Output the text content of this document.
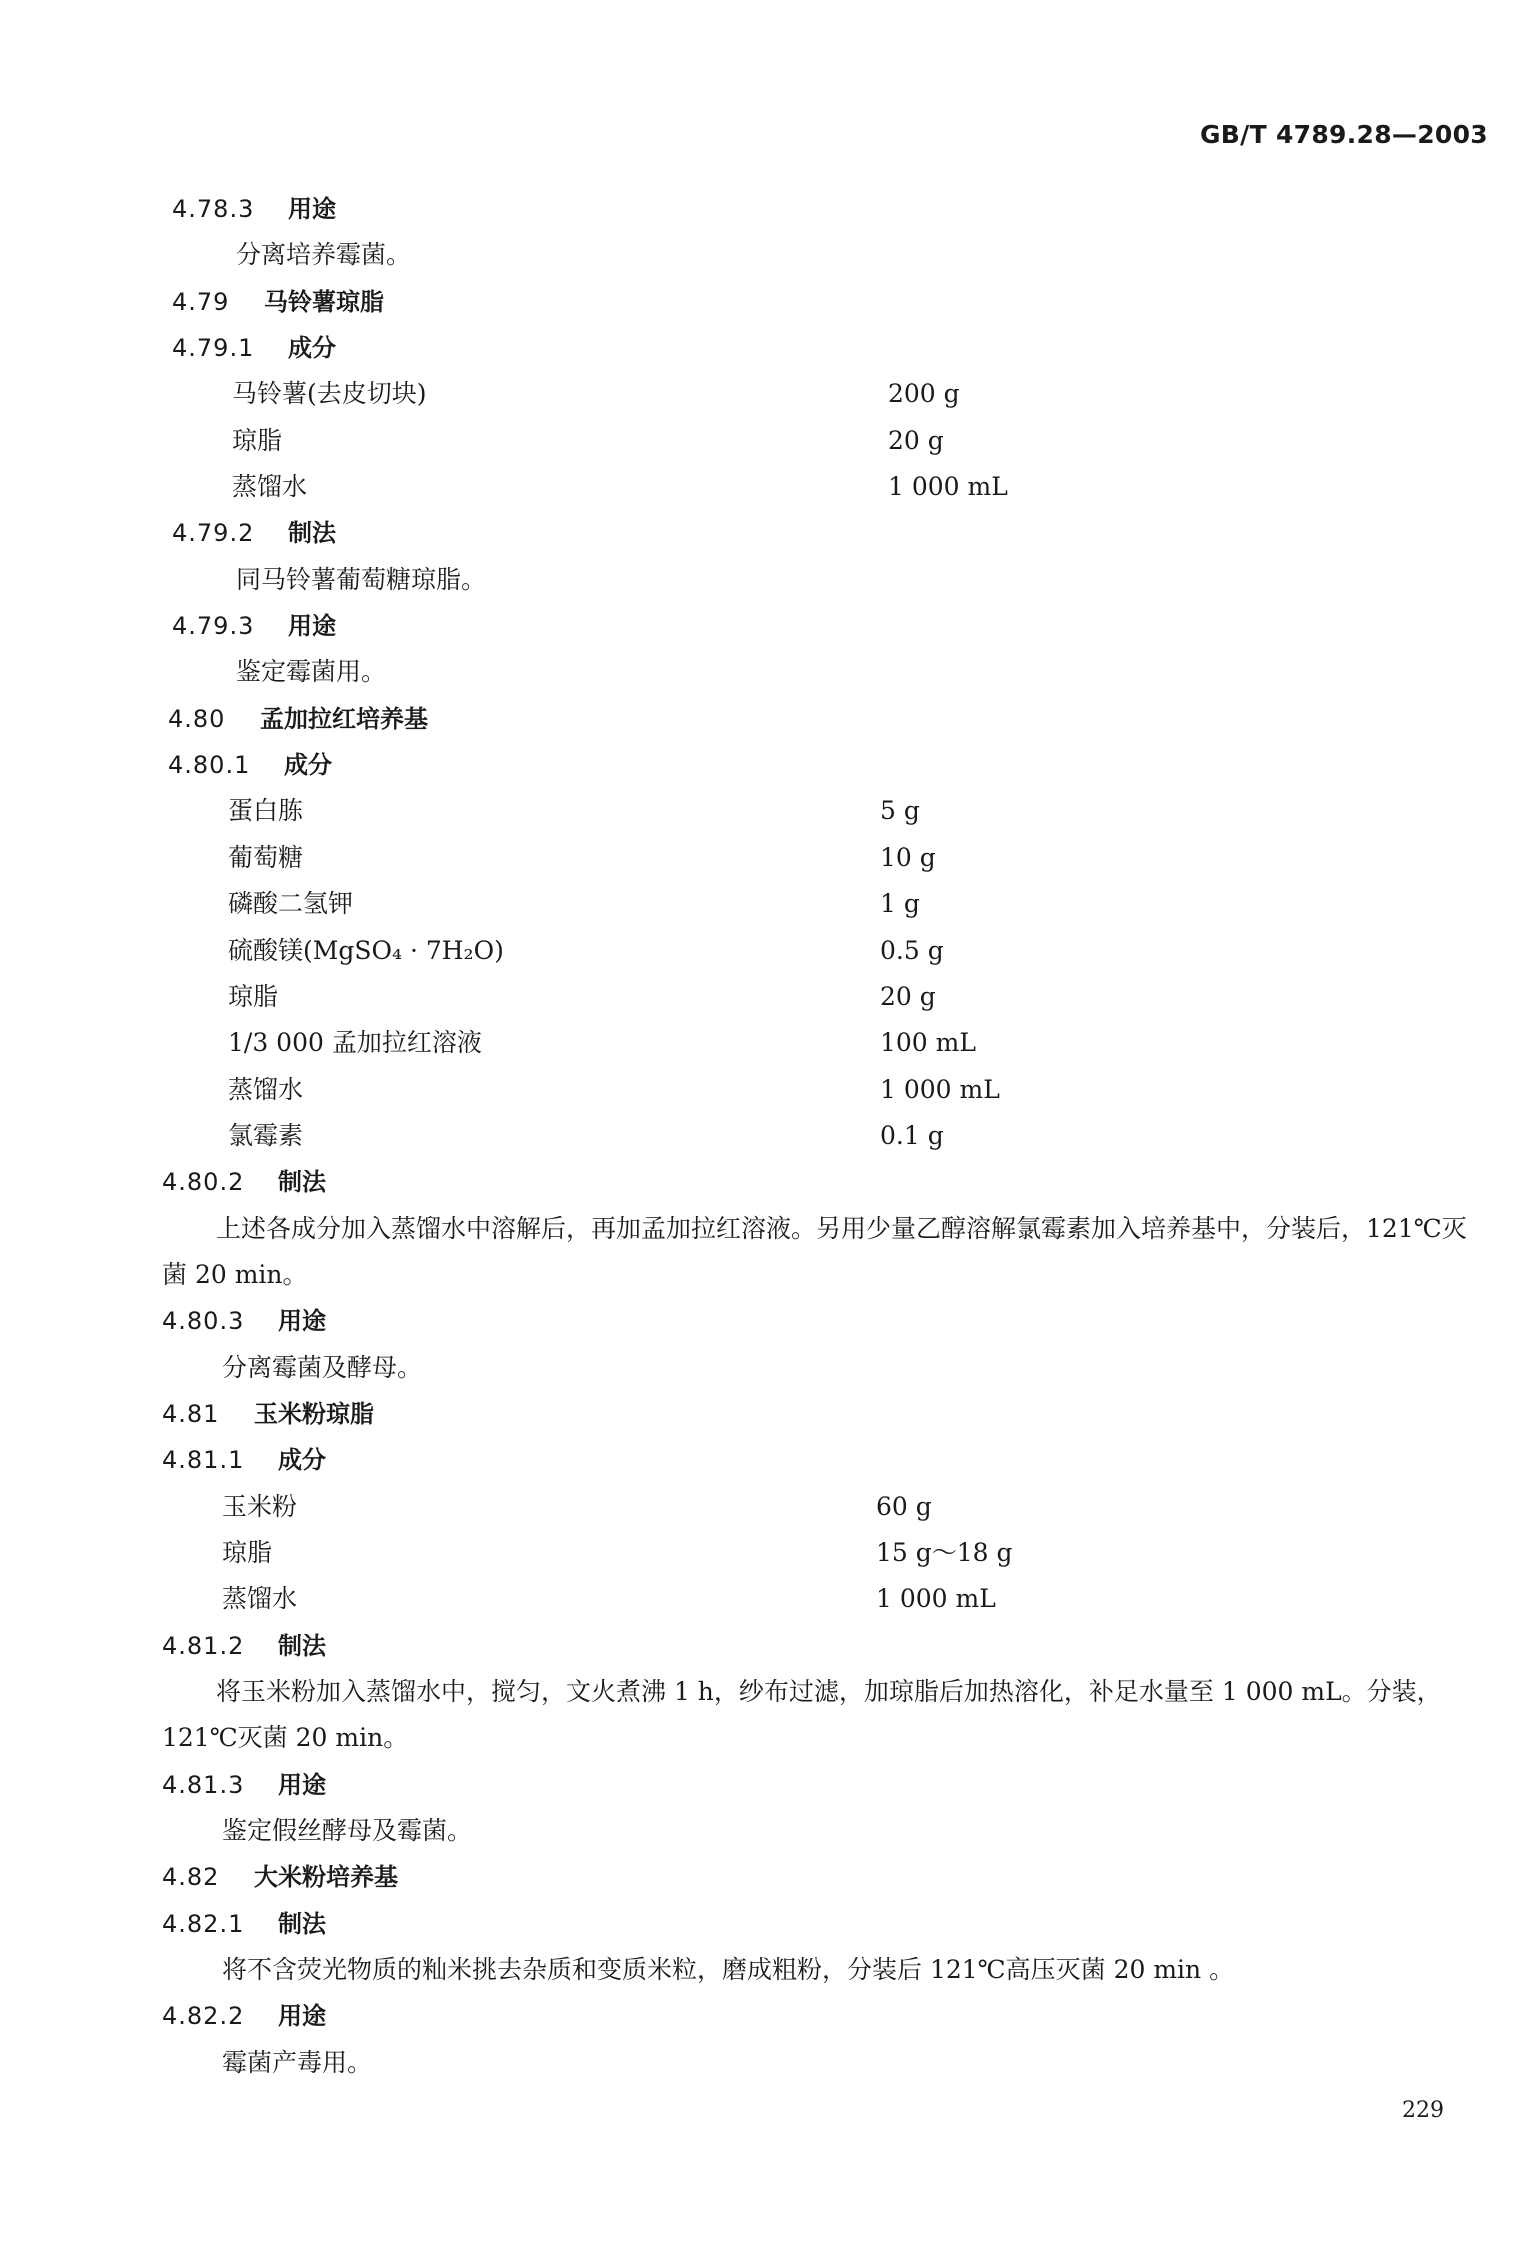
GB/T 4789.28—2003
4.78.3 用途
分离培养霉菌。
4.79 马铃薯琼脂
4.79.1 成分
马铃薯(去皮切块)	200 g
琼脂	20 g
蒸馏水	1 000 mL
4.79.2 制法
同马铃薯葡萄糖琼脂。
4.79.3 用途
鉴定霉菌用。
4.80 孟加拉红培养基
4.80.1 成分
蛋白胨	5 g
葡萄糖	10 g
磷酸二氢钾	1 g
硫酸镁(MgSO₄ · 7H₂O)	0.5 g
琼脂	20 g
1/3 000 孟加拉红溶液	100 mL
蒸馏水	1 000 mL
氯霉素	0.1 g
4.80.2 制法
上述各成分加入蒸馏水中溶解后，再加孟加拉红溶液。另用少量乙醇溶解氯霉素加入培养基中，分装后，121℃灭菌 20 min。
4.80.3 用途
分离霉菌及酵母。
4.81 玉米粉琼脂
4.81.1 成分
玉米粉	60 g
琼脂	15 g～18 g
蒸馏水	1 000 mL
4.81.2 制法
将玉米粉加入蒸馏水中，搅匀，文火煮沸 1 h，纱布过滤，加琼脂后加热溶化，补足水量至 1 000 mL。分装，121℃灭菌 20 min。
4.81.3 用途
鉴定假丝酵母及霉菌。
4.82 大米粉培养基
4.82.1 制法
将不含荧光物质的籼米挑去杂质和变质米粒，磨成粗粉，分装后 121℃高压灭菌 20 min 。
4.82.2 用途
霉菌产毒用。
229
